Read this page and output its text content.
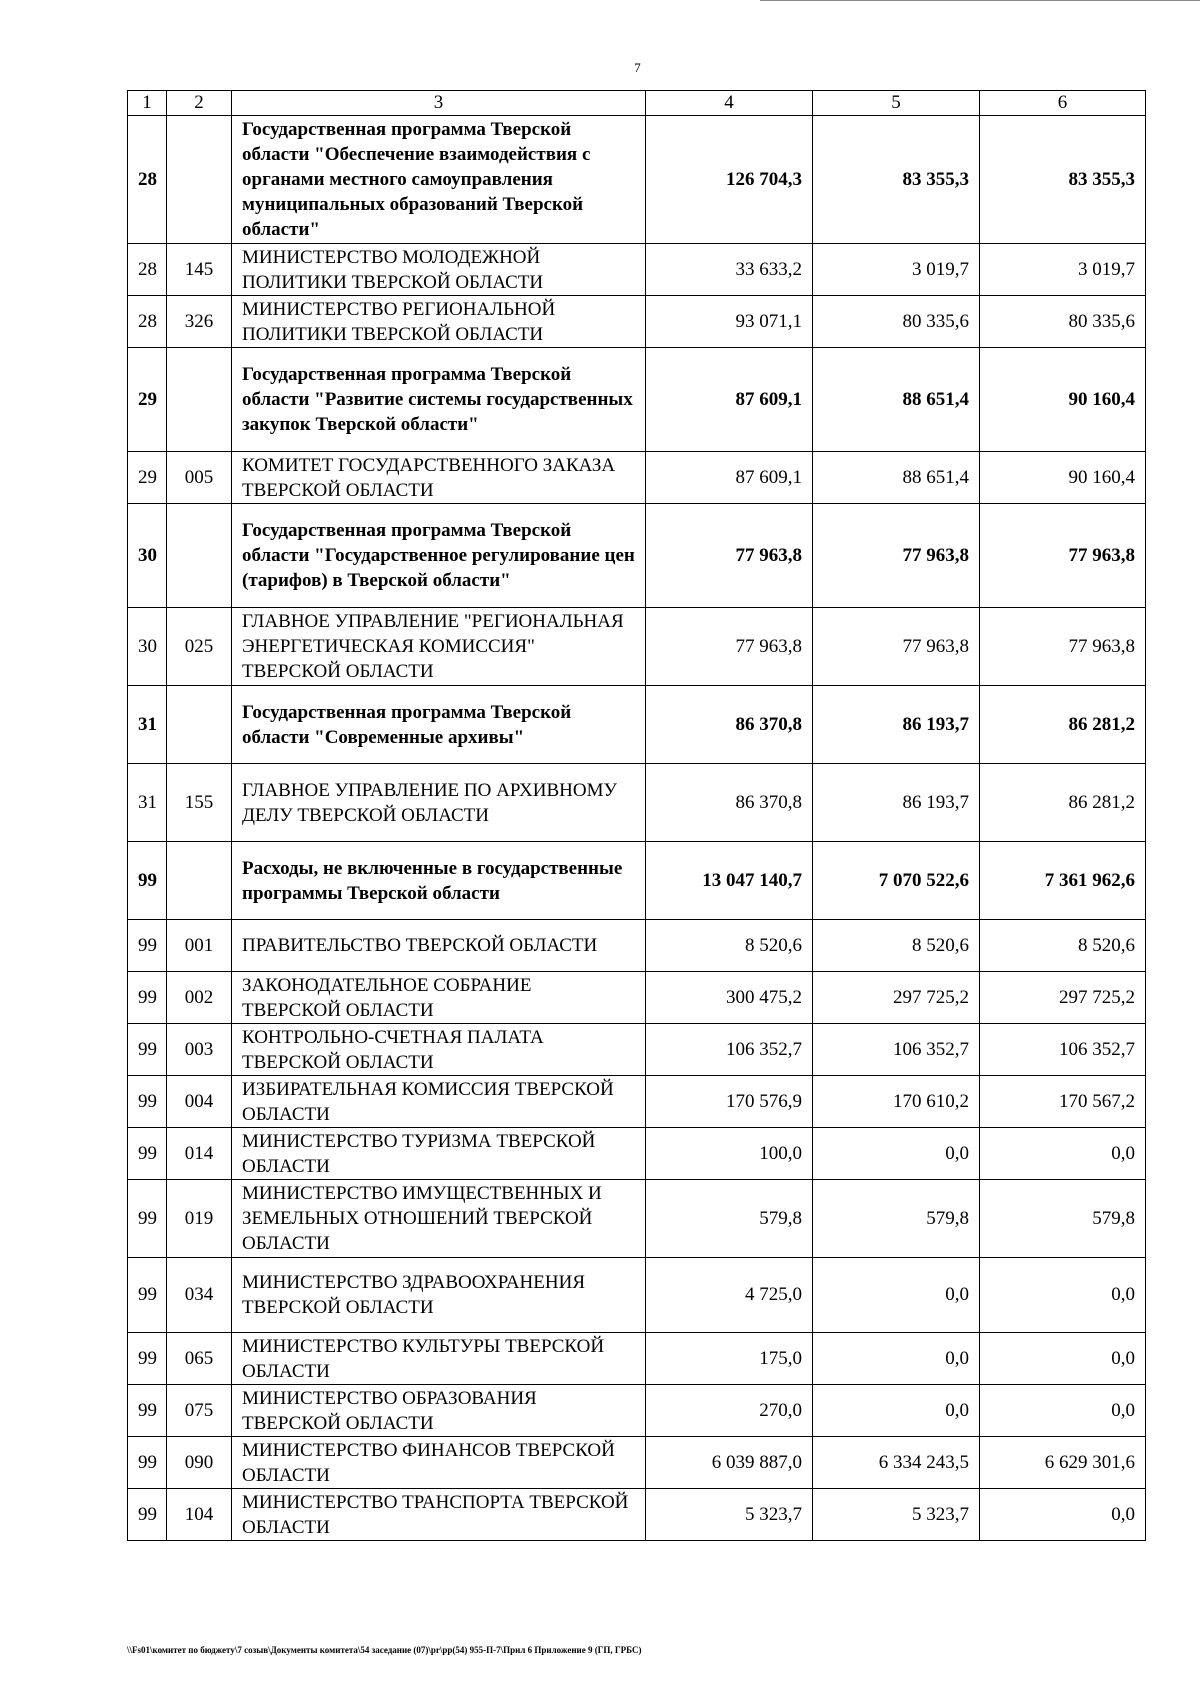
7
1	2	3	4	5	6
28		Государственная программа Тверской области "Обеспечение взаимодействия с органами местного самоуправления муниципальных образований Тверской области"	126 704,3	83 355,3	83 355,3
28	145	МИНИСТЕРСТВО МОЛОДЕЖНОЙ ПОЛИТИКИ ТВЕРСКОЙ ОБЛАСТИ	33 633,2	3 019,7	3 019,7
28	326	МИНИСТЕРСТВО РЕГИОНАЛЬНОЙ ПОЛИТИКИ ТВЕРСКОЙ ОБЛАСТИ	93 071,1	80 335,6	80 335,6
29		Государственная программа Тверской области "Развитие системы государственных закупок Тверской области"	87 609,1	88 651,4	90 160,4
29	005	КОМИТЕТ ГОСУДАРСТВЕННОГО ЗАКАЗА ТВЕРСКОЙ ОБЛАСТИ	87 609,1	88 651,4	90 160,4
30		Государственная программа Тверской области "Государственное регулирование цен (тарифов) в Тверской области"	77 963,8	77 963,8	77 963,8
30	025	ГЛАВНОЕ УПРАВЛЕНИЕ "РЕГИОНАЛЬНАЯ ЭНЕРГЕТИЧЕСКАЯ КОМИССИЯ" ТВЕРСКОЙ ОБЛАСТИ	77 963,8	77 963,8	77 963,8
31		Государственная программа Тверской области "Современные архивы"	86 370,8	86 193,7	86 281,2
31	155	ГЛАВНОЕ УПРАВЛЕНИЕ ПО АРХИВНОМУ ДЕЛУ ТВЕРСКОЙ ОБЛАСТИ	86 370,8	86 193,7	86 281,2
99		Расходы, не включенные в государственные программы Тверской области	13 047 140,7	7 070 522,6	7 361 962,6
99	001	ПРАВИТЕЛЬСТВО ТВЕРСКОЙ ОБЛАСТИ	8 520,6	8 520,6	8 520,6
99	002	ЗАКОНОДАТЕЛЬНОЕ СОБРАНИЕ ТВЕРСКОЙ ОБЛАСТИ	300 475,2	297 725,2	297 725,2
99	003	КОНТРОЛЬНО-СЧЕТНАЯ ПАЛАТА ТВЕРСКОЙ ОБЛАСТИ	106 352,7	106 352,7	106 352,7
99	004	ИЗБИРАТЕЛЬНАЯ КОМИССИЯ ТВЕРСКОЙ ОБЛАСТИ	170 576,9	170 610,2	170 567,2
99	014	МИНИСТЕРСТВО ТУРИЗМА ТВЕРСКОЙ ОБЛАСТИ	100,0	0,0	0,0
99	019	МИНИСТЕРСТВО ИМУЩЕСТВЕННЫХ И ЗЕМЕЛЬНЫХ ОТНОШЕНИЙ ТВЕРСКОЙ ОБЛАСТИ	579,8	579,8	579,8
99	034	МИНИСТЕРСТВО ЗДРАВООХРАНЕНИЯ ТВЕРСКОЙ ОБЛАСТИ	4 725,0	0,0	0,0
99	065	МИНИСТЕРСТВО КУЛЬТУРЫ ТВЕРСКОЙ ОБЛАСТИ	175,0	0,0	0,0
99	075	МИНИСТЕРСТВО ОБРАЗОВАНИЯ ТВЕРСКОЙ ОБЛАСТИ	270,0	0,0	0,0
99	090	МИНИСТЕРСТВО ФИНАНСОВ ТВЕРСКОЙ ОБЛАСТИ	6 039 887,0	6 334 243,5	6 629 301,6
99	104	МИНИСТЕРСТВО ТРАНСПОРТА ТВЕРСКОЙ ОБЛАСТИ	5 323,7	5 323,7	0,0
\\Fs01\комитет по бюджету\7 созыв\Документы комитета\54 заседание (07)\pr\pp(54) 955-П-7\Прил 6 Приложение 9 (ГП, ГРБС)
